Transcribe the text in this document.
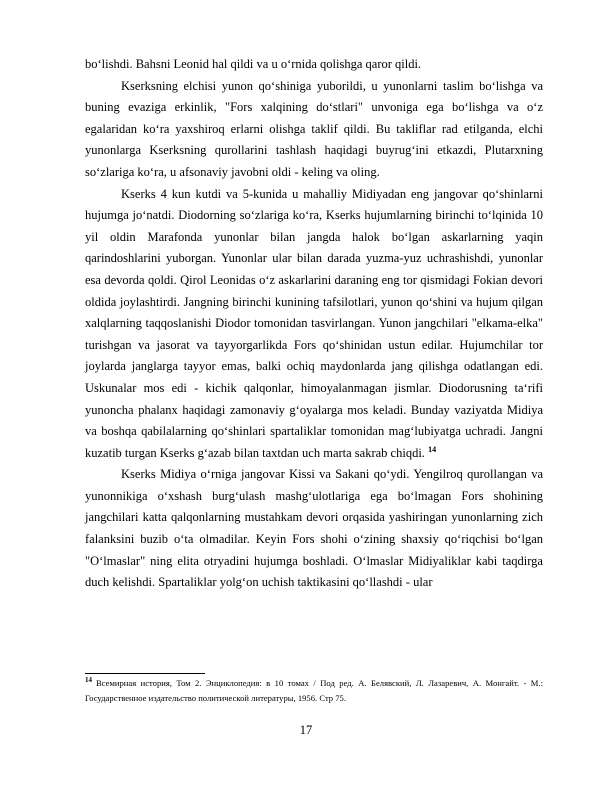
bo‘lishdi. Bahsni Leonid hal qildi va u o‘rnida qolishga qaror qildi.

Kserksning elchisi yunon qo‘shiniga yuborildi, u yunonlarni taslim bo‘lishga va buning evaziga erkinlik, "Fors xalqining do‘stlari" unvoniga ega bo‘lishga va o‘z egalaridan ko‘ra yaxshiroq erlarni olishga taklif qildi. Bu takliflar rad etilganda, elchi yunonlarga Kserksning qurollarini tashlash haqidagi buyrug‘ini etkazdi, Plutarxning so‘zlariga ko‘ra, u afsonaviy javobni oldi - keling va oling.

Kserks 4 kun kutdi va 5-kunida u mahalliy Midiyadan eng jangovar qo‘shinlarni hujumga jo‘natdi. Diodorning so‘zlariga ko‘ra, Kserks hujumlarning birinchi to‘lqinida 10 yil oldin Marafonda yunonlar bilan jangda halok bo‘lgan askarlarning yaqin qarindoshlarini yuborgan. Yunonlar ular bilan darada yuzma-yuz uchrashishdi, yunonlar esa devorda qoldi. Qirol Leonidas o‘z askarlarini daraning eng tor qismidagi Fokian devori oldida joylashtirdi. Jangning birinchi kunining tafsilotlari, yunon qo‘shini va hujum qilgan xalqlarning taqqoslanishi Diodor tomonidan tasvirlangan. Yunon jangchilari "elkama-elka" turishgan va jasorat va tayyorgarlikda Fors qo‘shinidan ustun edilar. Hujumchilar tor joylarda janglarga tayyor emas, balki ochiq maydonlarda jang qilishga odatlangan edi. Uskunalar mos edi - kichik qalqonlar, himoyalanmagan jismlar. Diodorusning ta‘rifi yunoncha phalanx haqidagi zamonaviy g‘oyalarga mos keladi. Bunday vaziyatda Midiya va boshqa qabilalarning qo‘shinlari spartaliklar tomonidan mag‘lubiyatga uchradi. Jangni kuzatib turgan Kserks g‘azab bilan taxtdan uch marta sakrab chiqdi. $^{14}$

Kserks Midiya o‘rniga jangovar Kissi va Sakani qo‘ydi. Yengilroq qurollangan va yunonnikiga o‘xshash burg‘ulash mashg‘ulotlariga ega bo‘lmagan Fors shohining jangchilari katta qalqonlarning mustahkam devori orqasida yashiringan yunonlarning zich falanksini buzib o‘ta olmadilar. Keyin Fors shohi o‘zining shaxsiy qo‘riqchisi bo‘lgan "O‘lmaslar" ning elita otryadini hujumga boshladi. O‘lmaslar Midiyaliklar kabi taqdirga duch kelishdi. Spartaliklar yolg‘on uchish taktikasini qo‘llashdi - ular

$^{14}$ Всемирная история, Том 2. Энциклопедия: в 10 томах / Под ред. А. Белявский, Л. Лазаревич, А. Монгайт. - М.: Государственное издательство политической литературы, 1956. Стр 75.
17
